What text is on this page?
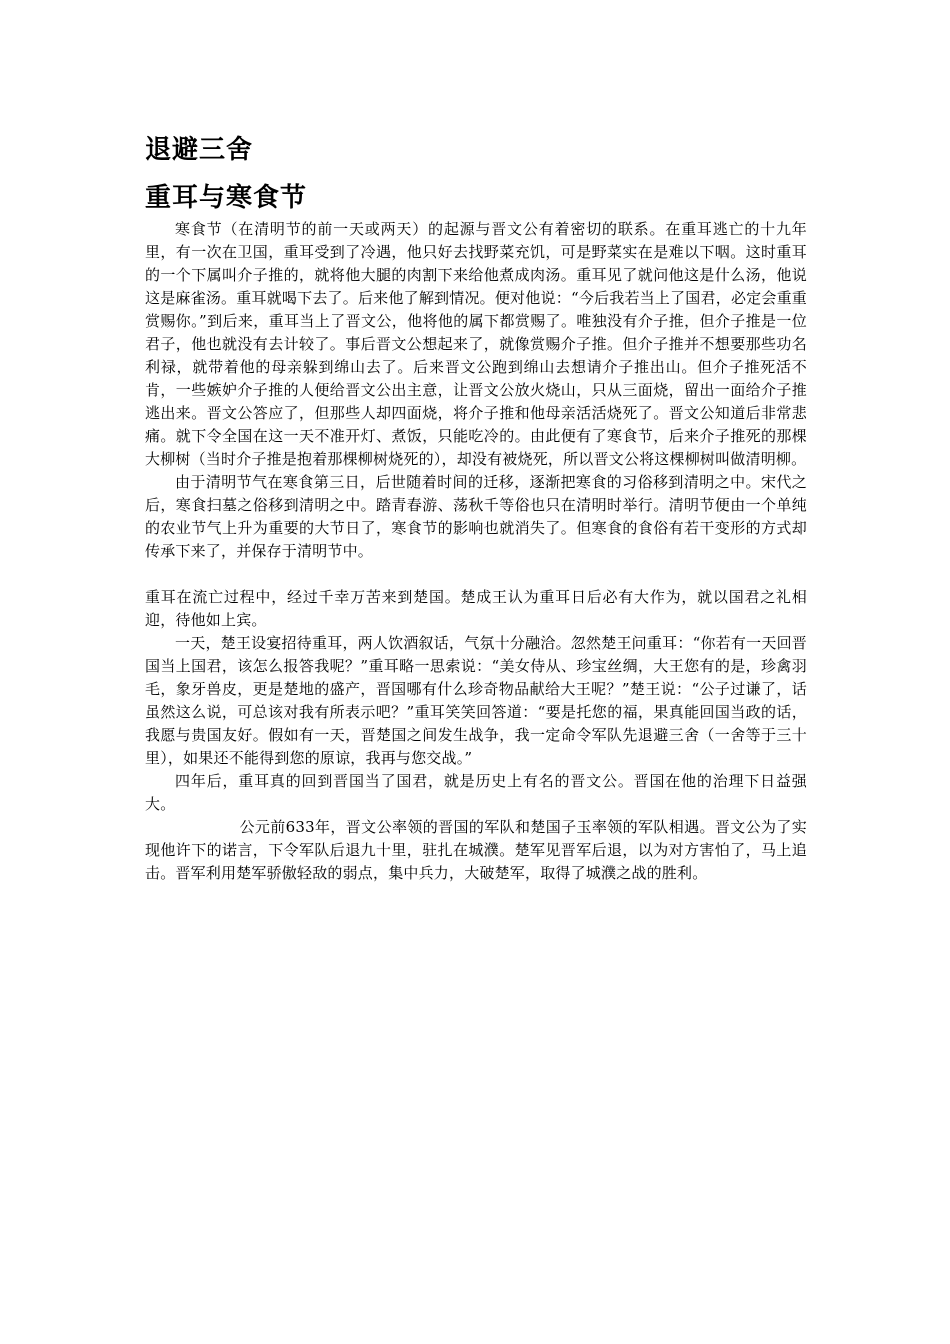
退避三舍
重耳与寒食节

寒食节（在清明节的前一天或两天）的起源与晋文公有着密切的联系。在重耳逃亡的十九年里，有一次在卫国，重耳受到了冷遇，他只好去找野菜充饥，可是野菜实在是难以下咽。这时重耳的一个下属叫介子推的，就将他大腿的肉割下来给他煮成肉汤。重耳见了就问他这是什么汤，他说这是麻雀汤。重耳就喝下去了。后来他了解到情况。便对他说：“今后我若当上了国君，必定会重重赏赐你。”到后来，重耳当上了晋文公，他将他的属下都赏赐了。唯独没有介子推，但介子推是一位君子，他也就没有去计较了。事后晋文公想起来了，就像赏赐介子推。但介子推并不想要那些功名利禄，就带着他的母亲躲到绵山去了。后来晋文公跑到绵山去想请介子推出山。但介子推死活不肯，一些嫉妒介子推的人便给晋文公出主意，让晋文公放火烧山，只从三面烧，留出一面给介子推逃出来。晋文公答应了，但那些人却四面烧，将介子推和他母亲活活烧死了。晋文公知道后非常悲痛。就下令全国在这一天不准开灯、煮饭，只能吃冷的。由此便有了寒食节，后来介子推死的那棵大柳树（当时介子推是抱着那棵柳树烧死的），却没有被烧死，所以晋文公将这棵柳树叫做清明柳。

由于清明节气在寒食第三日，后世随着时间的迁移，逐渐把寒食的习俗移到清明之中。宋代之后，寒食扫墓之俗移到清明之中。踏青春游、荡秋千等俗也只在清明时举行。清明节便由一个单纯的农业节气上升为重要的大节日了，寒食节的影响也就消失了。但寒食的食俗有若干变形的方式却传承下来了，并保存于清明节中。

重耳在流亡过程中，经过千幸万苦来到楚国。楚成王认为重耳日后必有大作为，就以国君之礼相迎，待他如上宾。

一天，楚王设宴招待重耳，两人饮酒叙话，气氛十分融洽。忽然楚王问重耳：“你若有一天回晋国当上国君，该怎么报答我呢？”重耳略一思索说：“美女侍从、珍宝丝绸，大王您有的是，珍禽羽毛，象牙兽皮，更是楚地的盛产，晋国哪有什么珍奇物品献给大王呢？”楚王说：“公子过谦了，话虽然这么说，可总该对我有所表示吧？”重耳笑笑回答道：“要是托您的福，果真能回国当政的话，我愿与贵国友好。假如有一天，晋楚国之间发生战争，我一定命令军队先退避三舍（一舍等于三十里），如果还不能得到您的原谅，我再与您交战。”

四年后，重耳真的回到晋国当了国君，就是历史上有名的晋文公。晋国在他的治理下日益强大。

公元前633年，晋文公率领的晋国的军队和楚国子玉率领的军队相遇。晋文公为了实现他许下的诺言，下令军队后退九十里，驻扎在城濮。楚军见晋军后退，以为对方害怕了，马上追击。晋军利用楚军骄傲轻敌的弱点，集中兵力，大破楚军，取得了城濮之战的胜利。
